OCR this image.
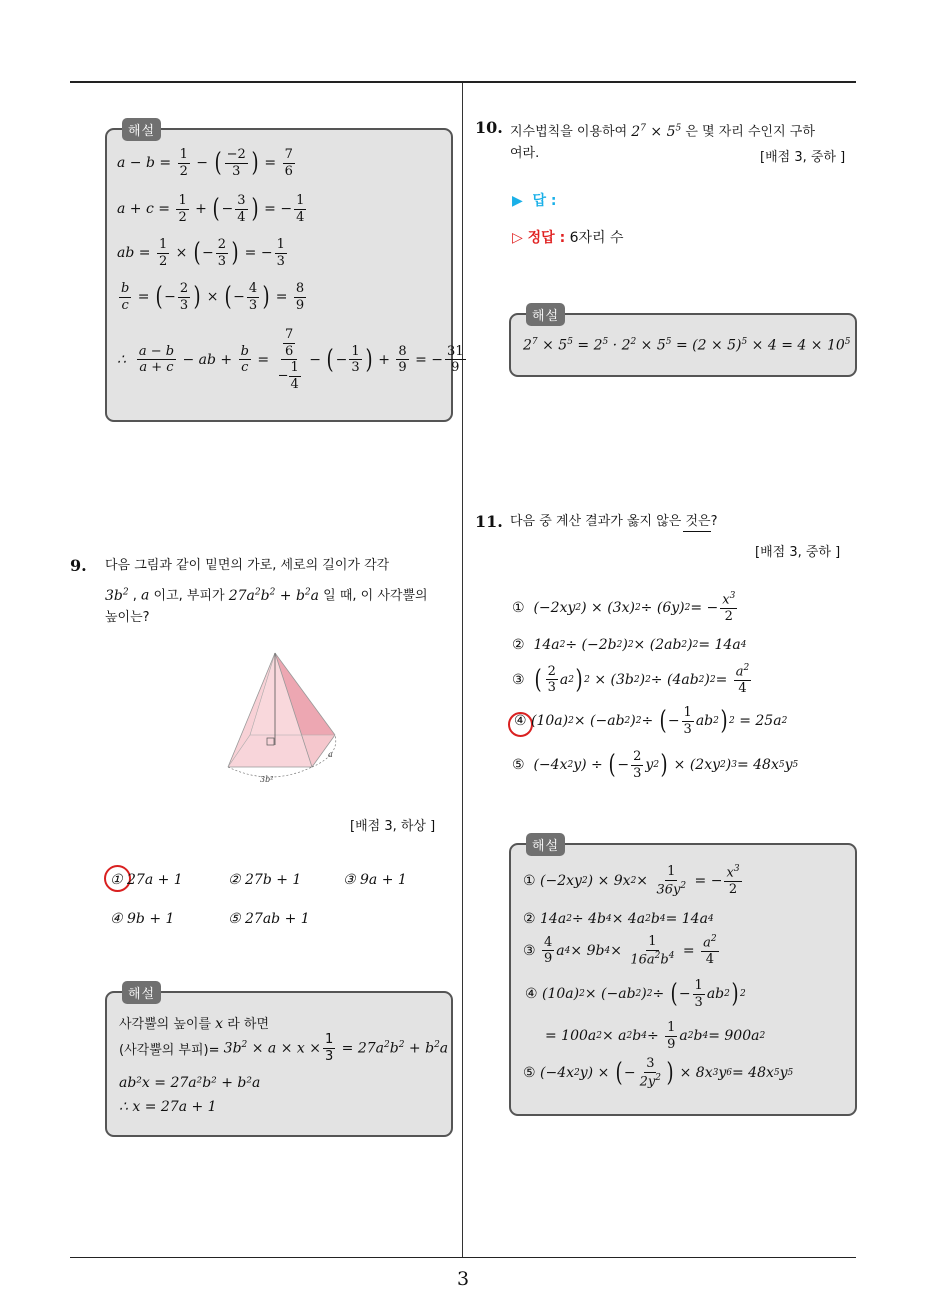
3
해설
$a - b = \frac{1}{2}$ − ( $\frac{-2}{3}$ ) = $\frac{7}{6}$
$a + c = \frac{1}{2}$ + ( − $\frac{3}{4}$ ) = − $\frac{1}{4}$
ab = $\frac{1}{2}$ × ( − $\frac{2}{3}$ ) = − $\frac{1}{3}$
$\frac{b}{c}$ = ( − $\frac{2}{3}$ ) × ( − $\frac{4}{3}$ ) = $\frac{8}{9}$
∴ $\frac{a - b}{a + c}$ − ab + $\frac{b}{c} = \frac{\frac{7}{6}}{- \frac{1}{4}}$ − ( − $\frac{1}{3}$ ) + $\frac{8}{9}$ = − $\frac{31}{9}$
9. 다음 그림과 같이 밑면의 가로, 세로의 길이가 각각
$3b^2$ , a 이고, 부피가 $27a^2b^2 + b^2a$ 일 때, 이 사각뿔의
높이는?
3b²
a
[배점 3, 하상 ]
① 27a + 1	② 27b + 1	③ 9a + 1
④ 9b + 1	⑤ 27ab + 1
해설
사각뿔의 높이를 x 라 하면
(사각뿔의 부피)= $3b^2 \times a \times x \times \frac{1}{3} = 27a^2b^2 + b^2a$
ab²x = 27a²b² + b²a
∴ x = 27a + 1
10. 지수법칙을 이용하여 $2^7 \times 5^5$ 은 몇 자리 수인지 구하
여라.	[배점 3, 중하 ]
▶  답 :
▷ 정답 : 6자리 수
해설
$2^7 \times 5^5 = 2^5 \cdot 2^2 \times 5^5 = (2 \times 5)^5 \times 4 = 4 \times 10^5$
11. 다음 중 계산 결과가 옳지 않은 것은?
[배점 3, 중하 ]
① (−2xy 2 ) × (3x) 2 ÷ (6y) 2 = − $\frac{x^3}{2}$
② 14a 2 ÷ (−2b 2 ) 2 × (2ab 2 ) 2 = 14a 4
③
( $\frac{2}{3}$ a 2 ) 2 × (3b 2 ) 2 ÷ (4ab 2 ) $2 = \frac{a^2}{4}$
④ (10a) 2 × (−ab 2 ) 2 ÷ ( − $\frac{1}{3}$ ab 2 ) 2 = 25a 2
⑤ (−4x 2 y) ÷ ( − $\frac{2}{3}$ y 2 ) × (2xy 2 ) 3 = 48x 5 y 5
해설
① (−2xy 2 ) × 9x $2 \times \frac{1}{36y^2}$ = − $\frac{x^3}{2}$
② 14a 2 ÷ 4b 4 × 4a 2 b 4 = 14a 4
③
$\frac{4}{9}$ a 4 × 9b $4 \times \frac{1}{16a^2b^4} = \frac{a^2}{4}$
④ (10a) 2 × (−ab 2 ) 2 ÷ ( − $\frac{1}{3}$ ab 2 ) 2
= 100a 2 × a 2 b $4 \div \frac{1}{9}$ a 2 b 4 = 900a 2
⑤ (−4x 2 y) × ( − $\frac{3}{2y^2}$ ) × 8x 3 y 6 = 48x 5 y 5
